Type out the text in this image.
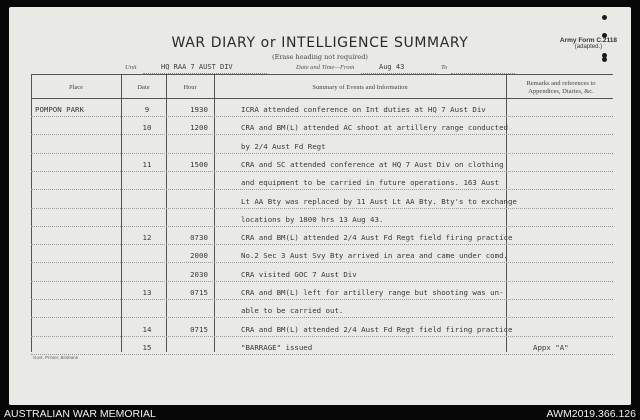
WAR DIARY or INTELLIGENCE SUMMARY
(Erase heading not required)
Army Form C.2118
(adapted.)
Unit	HQ RAA 7 AUST DIV	Date and Time—From	Aug 43	To
Place	Date	Hour	Summary of Events and Information
Remarks and references to
Appendices, Diaries, &c.
POMPON PARK	9	1930	ICRA attended conference on Int duties at HQ 7 Aust Div
10	1200	CRA and BM(L) attended AC shoot at artillery range conducted
by 2/4 Aust Fd Regt
11	1500	CRA and SC attended conference at HQ 7 Aust Div on clothing
and equipment to be carried in future operations. 163 Aust
Lt AA Bty was replaced by 11 Aust Lt AA Bty. Bty's to exchange
locations by 1800 hrs 13 Aug 43.
12	0730	CRA and BM(L) attended 2/4 Aust Fd Regt field firing practice
2000	No.2 Sec 3 Aust Svy Bty arrived in area and came under comd.
2030	CRA visited GOC 7 Aust Div
13	0715	CRA and BM(L) left for artillery range but shooting was un-
able to be carried out.
14	0715	CRA and BM(L) attended 2/4 Aust Fd Regt field firing practice
15	"BARRAGE" issued	Appx "A"
Govt. Printer, Brisbane
AUSTRALIAN WAR MEMORIAL	AWM2019.366.126
